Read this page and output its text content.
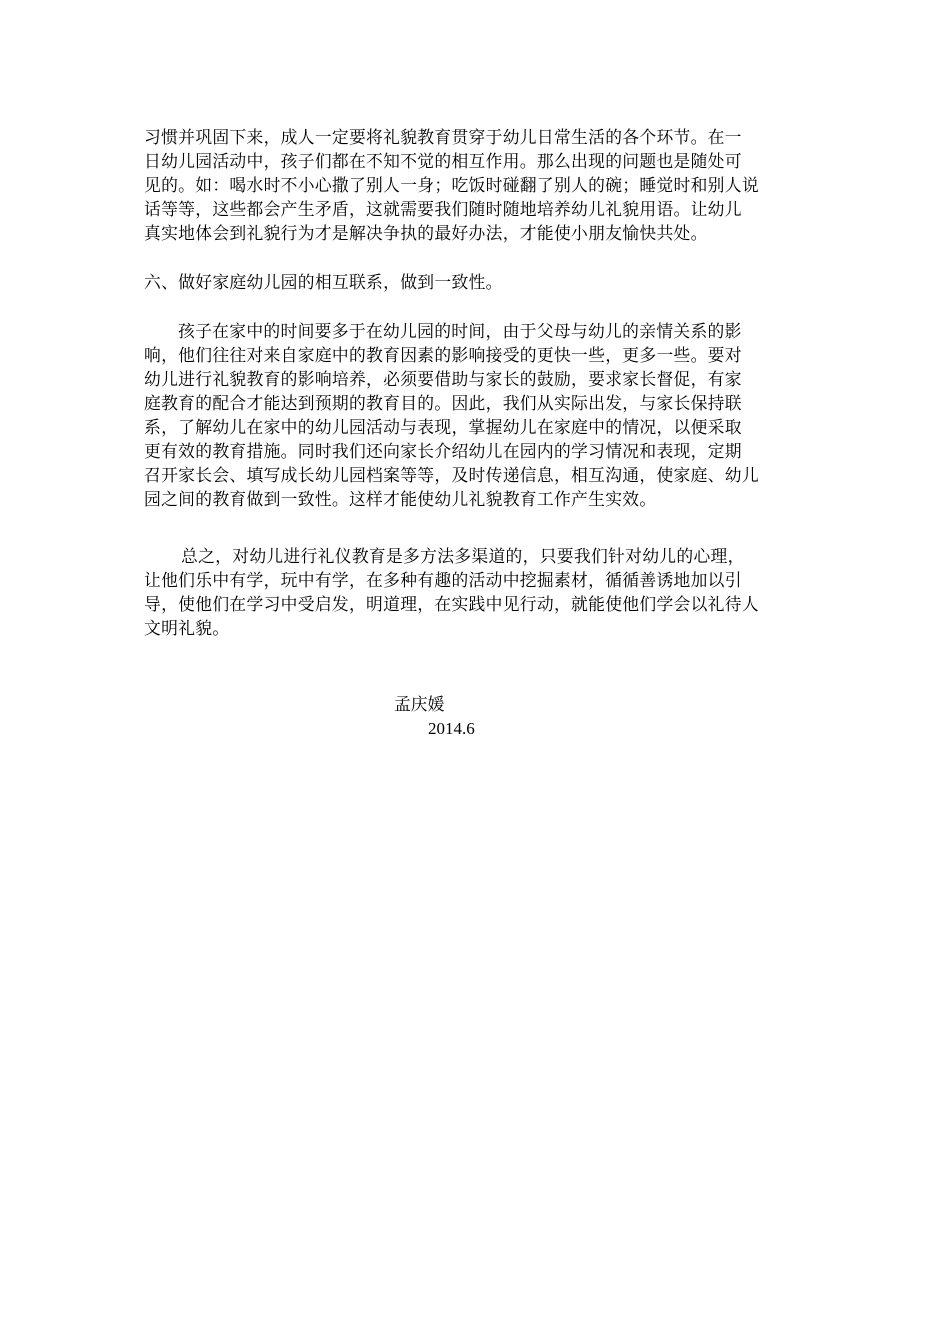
习惯并巩固下来，成人一定要将礼貌教育贯穿于幼儿日常生活的各个环节。在一
日幼儿园活动中，孩子们都在不知不觉的相互作用。那么出现的问题也是随处可
见的。如：喝水时不小心撒了别人一身；吃饭时碰翻了别人的碗；睡觉时和别人说
话等等，这些都会产生矛盾，这就需要我们随时随地培养幼儿礼貌用语。让幼儿
真实地体会到礼貌行为才是解决争执的最好办法，才能使小朋友愉快共处。
六、做好家庭幼儿园的相互联系，做到一致性。
孩子在家中的时间要多于在幼儿园的时间，由于父母与幼儿的亲情关系的影
响，他们往往对来自家庭中的教育因素的影响接受的更快一些，更多一些。要对
幼儿进行礼貌教育的影响培养，必须要借助与家长的鼓励，要求家长督促，有家
庭教育的配合才能达到预期的教育目的。因此，我们从实际出发，与家长保持联
系，了解幼儿在家中的幼儿园活动与表现，掌握幼儿在家庭中的情况，以便采取
更有效的教育措施。同时我们还向家长介绍幼儿在园内的学习情况和表现，定期
召开家长会、填写成长幼儿园档案等等，及时传递信息，相互沟通，使家庭、幼儿
园之间的教育做到一致性。这样才能使幼儿礼貌教育工作产生实效。
总之，对幼儿进行礼仪教育是多方法多渠道的，只要我们针对幼儿的心理，
让他们乐中有学，玩中有学，在多种有趣的活动中挖掘素材，循循善诱地加以引
导，使他们在学习中受启发，明道理，在实践中见行动，就能使他们学会以礼待人
文明礼貌。
孟庆媛
2014.6
